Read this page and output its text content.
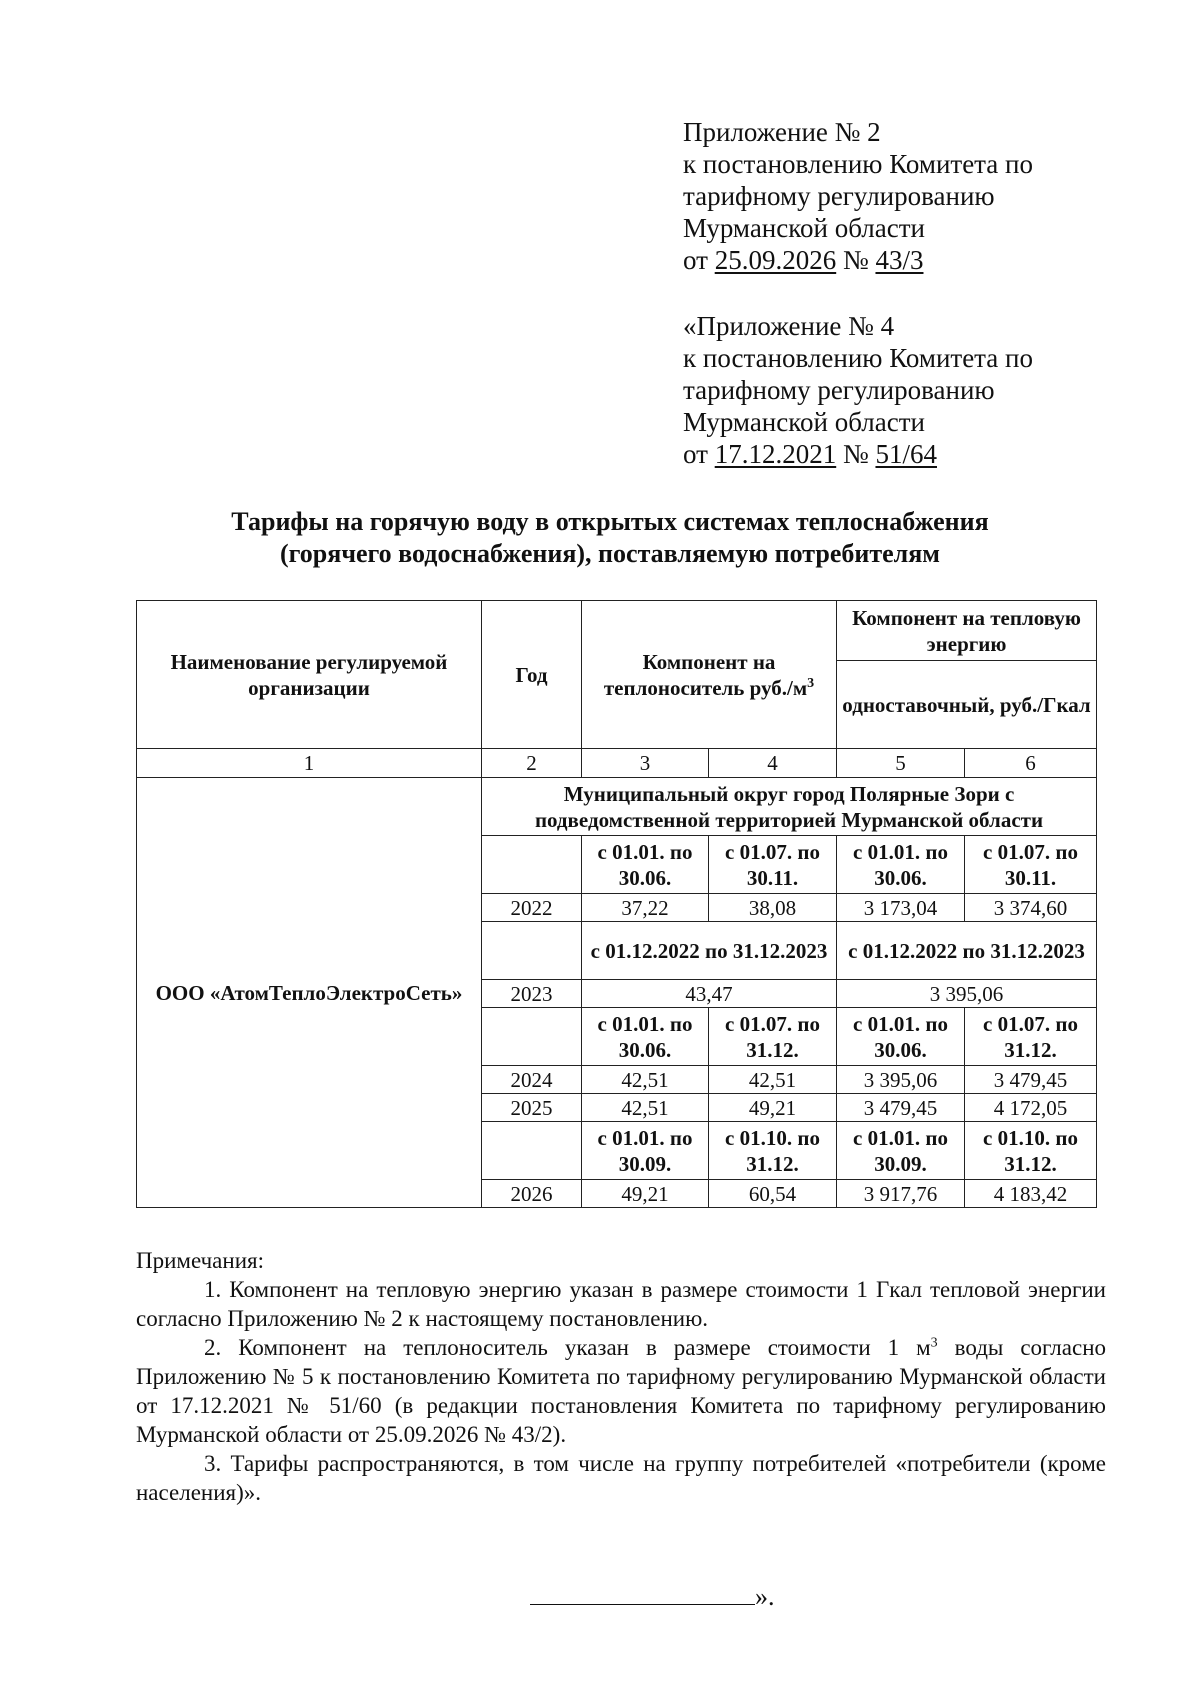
Приложение № 2
к постановлению Комитета по
тарифному регулированию
Мурманской области
от 25.09.2026 № 43/3
«Приложение № 4
к постановлению Комитета по
тарифному регулированию
Мурманской области
от 17.12.2021 № 51/64
Тарифы на горячую воду в открытых системах теплоснабжения
(горячего водоснабжения), поставляемую потребителям
Наименование регулируемой организации	Год	Компонент на теплоноситель $руб./м^3$		Компонент на тепловую энергию	
				одноставочный, руб./Гкал	
1	2	3	4	5	6
ООО «АтомТеплоЭлектроСеть»	Муниципальный округ город Полярные Зори с подведомственной территорией Мурманской области				
		с 01.01. по 30.06.	с 01.07. по 30.11.	с 01.01. по 30.06.	с 01.07. по 30.11.
	2022	37,22	38,08	3 173,04	3 374,60
		с 01.12.2022 по 31.12.2023		с 01.12.2022 по 31.12.2023	
	2023	43,47		3 395,06	
		с 01.01. по 30.06.	с 01.07. по 31.12.	с 01.01. по 30.06.	с 01.07. по 31.12.
	2024	42,51	42,51	3 395,06	3 479,45
	2025	42,51	49,21	3 479,45	4 172,05
		с 01.01. по 30.09.	с 01.10. по 31.12.	с 01.01. по 30.09.	с 01.10. по 31.12.
	2026	49,21	60,54	3 917,76	4 183,42
Примечания:
1. Компонент на тепловую энергию указан в размере стоимости 1 Гкал тепловой энергии согласно Приложению № 2 к настоящему постановлению.
2. Компонент на теплоноситель указан в размере стоимости 1 $м^3$ воды согласно Приложению № 5 к постановлению Комитета по тарифному регулированию Мурманской области от 17.12.2021 № 51/60 (в редакции постановления Комитета по тарифному регулированию Мурманской области от 25.09.2026 № 43/2).
3. Тарифы распространяются, в том числе на группу потребителей «потребители (кроме населения)».
».
